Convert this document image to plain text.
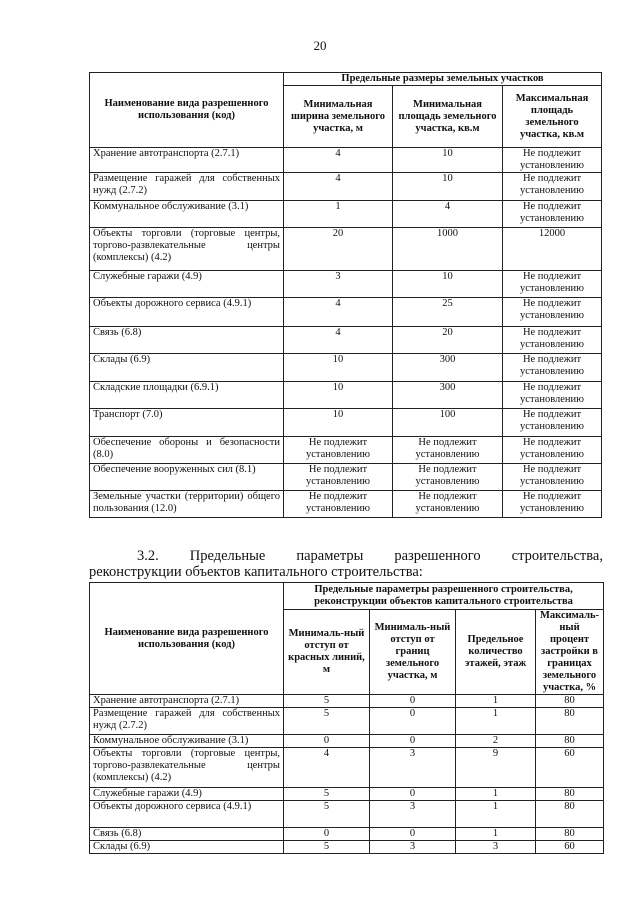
20
Наименование вида разрешенного использования (код)	Предельные размеры земельных участков		
	Минимальная ширина земельного участка, м	Минимальная площадь земельного участка, кв.м	Максимальная площадь земельного участка, кв.м
Хранение автотранспорта (2.7.1)	4	10	Не подлежит установлению
Размещение гаражей для собственных нужд (2.7.2)	4	10	Не подлежит установлению
Коммунальное обслуживание (3.1)	1	4	Не подлежит установлению
Объекты торговли (торговые центры, торгово-развлекательные центры (комплексы) (4.2)	20	1000	12000
Служебные гаражи (4.9)	3	10	Не подлежит установлению
Объекты дорожного сервиса (4.9.1)	4	25	Не подлежит установлению
Связь (6.8)	4	20	Не подлежит установлению
Склады (6.9)	10	300	Не подлежит установлению
Складские площадки (6.9.1)	10	300	Не подлежит установлению
Транспорт (7.0)	10	100	Не подлежит установлению
Обеспечение обороны и безопасности (8.0)	Не подлежит установлению	Не подлежит установлению	Не подлежит установлению
Обеспечение вооруженных сил (8.1)	Не подлежит установлению	Не подлежит установлению	Не подлежит установлению
Земельные участки (территории) общего пользования (12.0)	Не подлежит установлению	Не подлежит установлению	Не подлежит установлению
3.2. Предельные параметры разрешенного строительства,
реконструкции объектов капитального строительства:
Наименование вида разрешенного использования (код)	Предельные параметры разрешенного строительства, реконструкции объектов капитального строительства			
	Минималь-ный отступ от красных линий, м	Минималь-ный отступ от границ земельного участка, м	Предельное количество этажей, этаж	Максималь-ный процент застройки в границах земельного участка, %
Хранение автотранспорта (2.7.1)	5	0	1	80
Размещение гаражей для собственных нужд (2.7.2)	5	0	1	80
Коммунальное обслуживание (3.1)	0	0	2	80
Объекты торговли (торговые центры, торгово-развлекательные центры (комплексы) (4.2)	4	3	9	60
Служебные гаражи (4.9)	5	0	1	80
Объекты дорожного сервиса (4.9.1)	5	3	1	80
Связь (6.8)	0	0	1	80
Склады (6.9)	5	3	3	60
